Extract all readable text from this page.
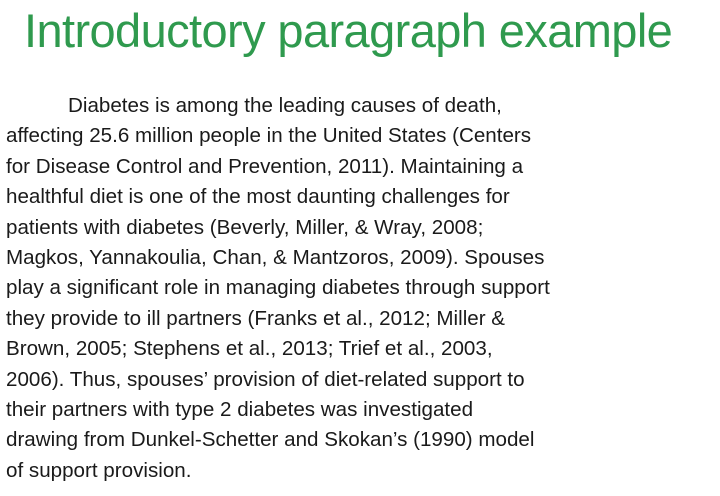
Introductory paragraph example
Diabetes is among the leading causes of death,
affecting 25.6 million people in the United States (Centers
for Disease Control and Prevention, 2011). Maintaining a
healthful diet is one of the most daunting challenges for
patients with diabetes (Beverly, Miller, & Wray, 2008;
Magkos, Yannakoulia, Chan, & Mantzoros, 2009). Spouses
play a significant role in managing diabetes through support
they provide to ill partners (Franks et al., 2012; Miller &
Brown, 2005; Stephens et al., 2013; Trief et al., 2003,
2006). Thus, spouses’ provision of diet-related support to
their partners with type 2 diabetes was investigated
drawing from Dunkel-Schetter and Skokan’s (1990) model
of support provision.
